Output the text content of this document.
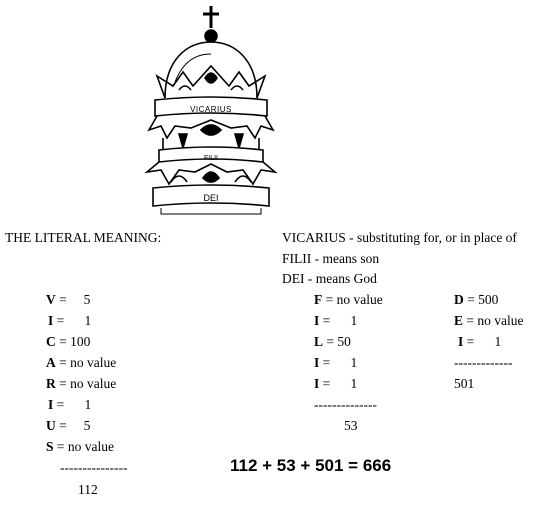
VICARIUS
FILII
DEI
THE LITERAL MEANING:	VICARIUS - substituting for, or in place of
FILII - means son
DEI - means God
V =     5
I =      1
C = 100
A = no value
R = no value
I =      1
U =     5
S = no value
---------------
112
F = no value
I =      1
L = 50
I =      1
I =      1
--------------
53
D = 500
E = no value
I =      1
-------------
501
112 + 53 + 501 = 666
